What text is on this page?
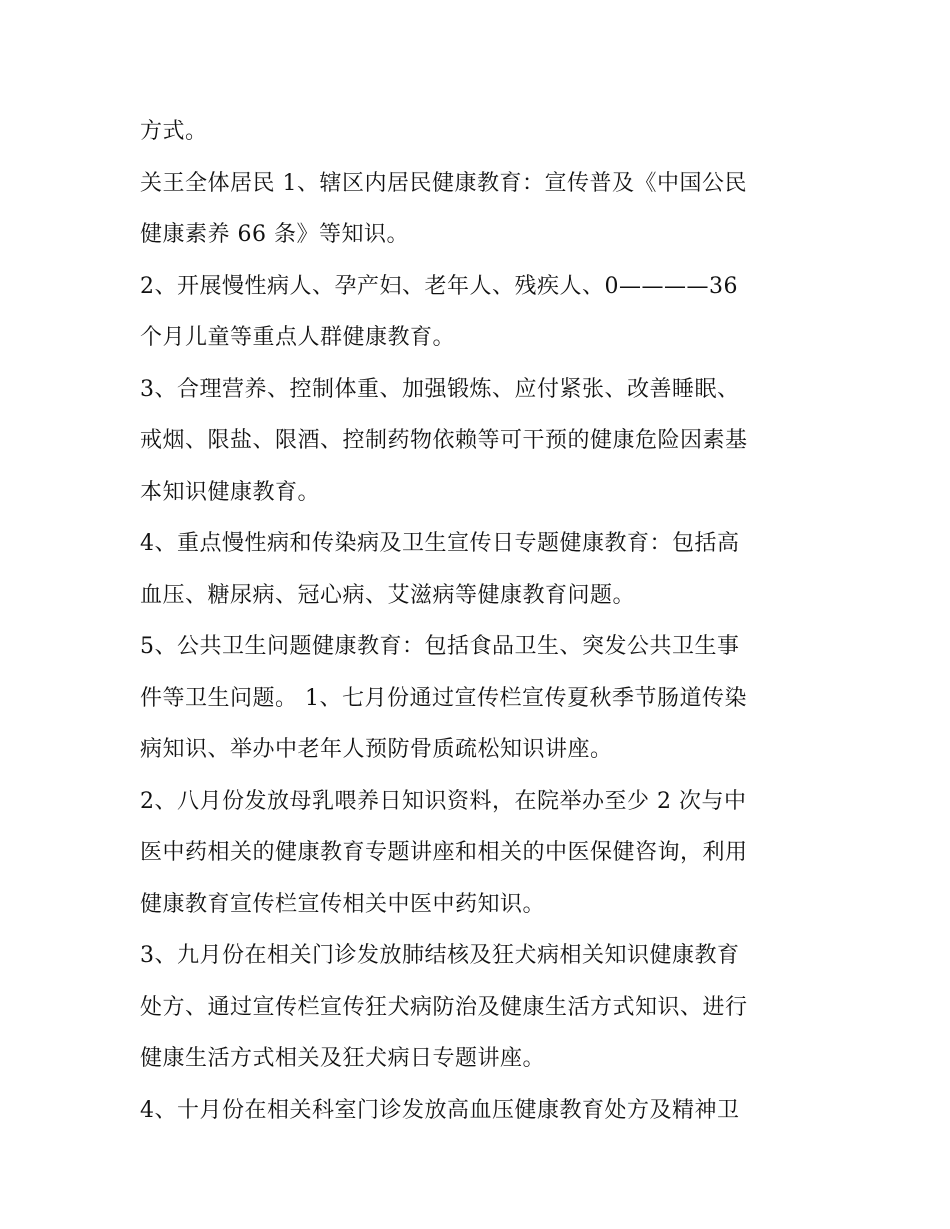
方式。
关王全体居民 1、辖区内居民健康教育：宣传普及《中国公民
健康素养 66 条》等知识。
2、开展慢性病人、孕产妇、老年人、残疾人、0————36
个月儿童等重点人群健康教育。
3、合理营养、控制体重、加强锻炼、应付紧张、改善睡眠、
戒烟、限盐、限酒、控制药物依赖等可干预的健康危险因素基
本知识健康教育。
4、重点慢性病和传染病及卫生宣传日专题健康教育：包括高
血压、糖尿病、冠心病、艾滋病等健康教育问题。
5、公共卫生问题健康教育：包括食品卫生、突发公共卫生事
件等卫生问题。 1、七月份通过宣传栏宣传夏秋季节肠道传染
病知识、举办中老年人预防骨质疏松知识讲座。
2、八月份发放母乳喂养日知识资料，在院举办至少 2 次与中
医中药相关的健康教育专题讲座和相关的中医保健咨询，利用
健康教育宣传栏宣传相关中医中药知识。
3、九月份在相关门诊发放肺结核及狂犬病相关知识健康教育
处方、通过宣传栏宣传狂犬病防治及健康生活方式知识、进行
健康生活方式相关及狂犬病日专题讲座。
4、十月份在相关科室门诊发放高血压健康教育处方及精神卫
